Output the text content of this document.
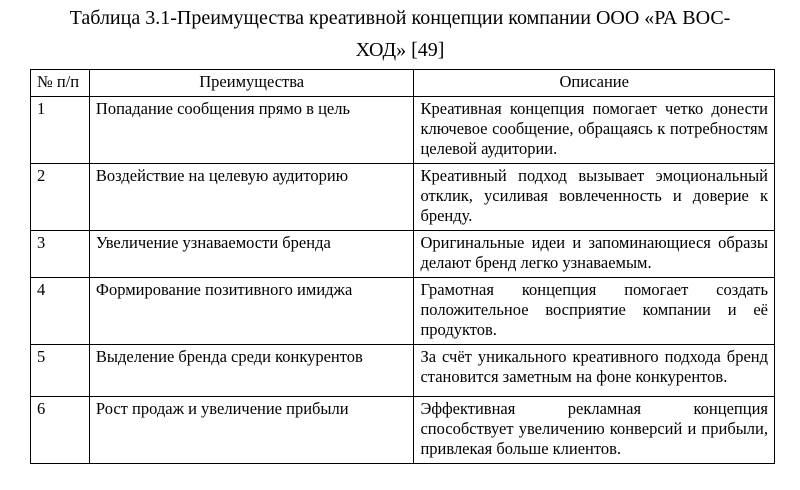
Таблица 3.1-Преимущества креативной концепции компании ООО «РА ВОС-
ХОД» [49]
№ п/п	Преимущества	Описание
1	Попадание сообщения прямо в цель	Креативная концепция помогает четко донести ключевое сообщение, обращаясь к потребностям целевой аудитории.
2	Воздействие на целевую аудиторию	Креативный подход вызывает эмоциональный отклик, усиливая вовлеченность и доверие к бренду.
3	Увеличение узнаваемости бренда	Оригинальные идеи и запоминающиеся образы делают бренд легко узнаваемым.
4	Формирование позитивного имиджа	Грамотная концепция помогает создать положительное восприятие компании и её продуктов.
5	Выделение бренда среди конкурентов	За счёт уникального креативного подхода бренд становится заметным на фоне конкурентов.
6	Рост продаж и увеличение прибыли	Эффективная рекламная концепция способствует увеличению конверсий и прибыли, привлекая больше клиентов.
